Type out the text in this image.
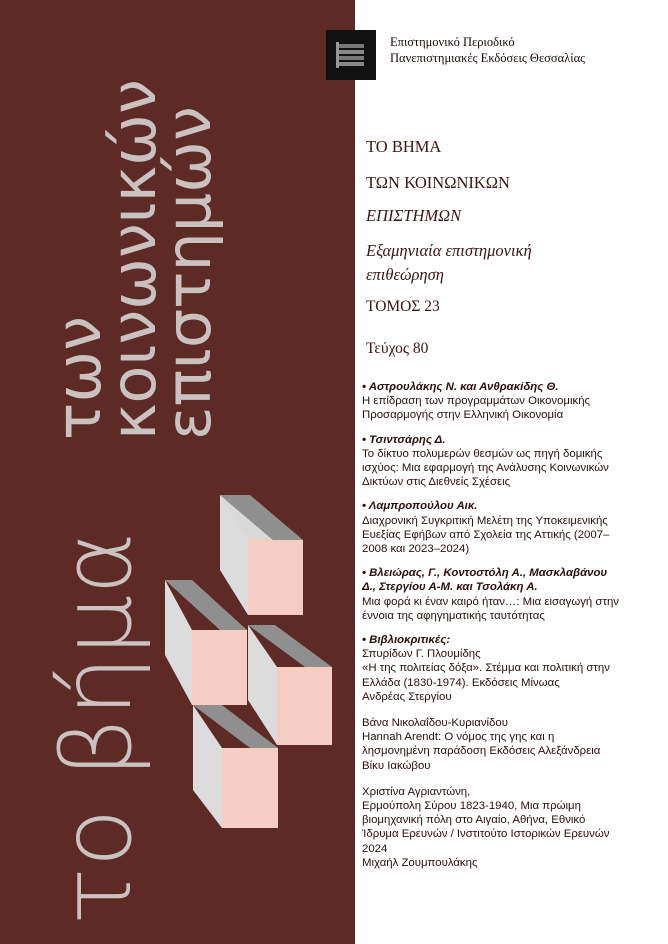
το βήμα
των
κοινωνικών
επιστημών
Επιστημονικό Περιοδικό
Πανεπιστημιακές Εκδόσεις Θεσσαλίας
ΤΟ ΒΗΜΑ
ΤΩΝ ΚΟΙΝΩΝΙΚΩΝ
ΕΠΙΣΤΗΜΩΝ
Εξαμηνιαία επιστημονική
επιθεώρηση
ΤΟΜΟΣ 23
Τεύχος 80
• Αστρουλάκης Ν. και Ανθρακίδης Θ.
Η επίδραση των προγραμμάτων Οικονομικής
Προσαρμογής στην Ελληνική Οικονομία
• Τσιντσάρης Δ.
Το δίκτυο πολυμερών θεσμών ως πηγή δομικής
ισχύος: Μια εφαρμογή της Ανάλυσης Κοινωνικών
Δικτύων στις Διεθνείς Σχέσεις
• Λαμπροπούλου Αικ.
Διαχρονική Συγκριτική Μελέτη της Υποκειμενικής
Ευεξίας Εφήβων από Σχολεία της Αττικής (2007–
2008 και 2023–2024)
• Βλειώρας, Γ., Κοντοστόλη Α., Μασκλαβάνου
Δ., Στεργίου Α-Μ. και Τσολάκη Α.
Μια φορά κι έναν καιρό ήταν…: Μια εισαγωγή στην
έννοια της αφηγηματικής ταυτότητας
• Βιβλιοκριτικές:
Σπυρίδων Γ. Πλουμίδης
«Η της πολιτείας δόξα». Στέμμα και πολιτική στην
Ελλάδα (1830-1974). Εκδόσεις Μίνωας
Ανδρέας Στεργίου
Βάνα Νικολαΐδου-Κυριανίδου
Hannah Arendt: Ο νόμος της γης και η
λησμονημένη παράδοση Εκδόσεις Αλεξάνδρεια
Βίκυ Ιακώβου
Χριστίνα Αγριαντώνη,
Ερμούπολη Σύρου 1823-1940, Μια πρώιμη
βιομηχανική πόλη στο Αιγαίο, Αθήνα, Εθνικό
Ίδρυμα Ερευνών / Ινστιτούτο Ιστορικών Ερευνών
2024
Μιχαήλ Ζουμπουλάκης
